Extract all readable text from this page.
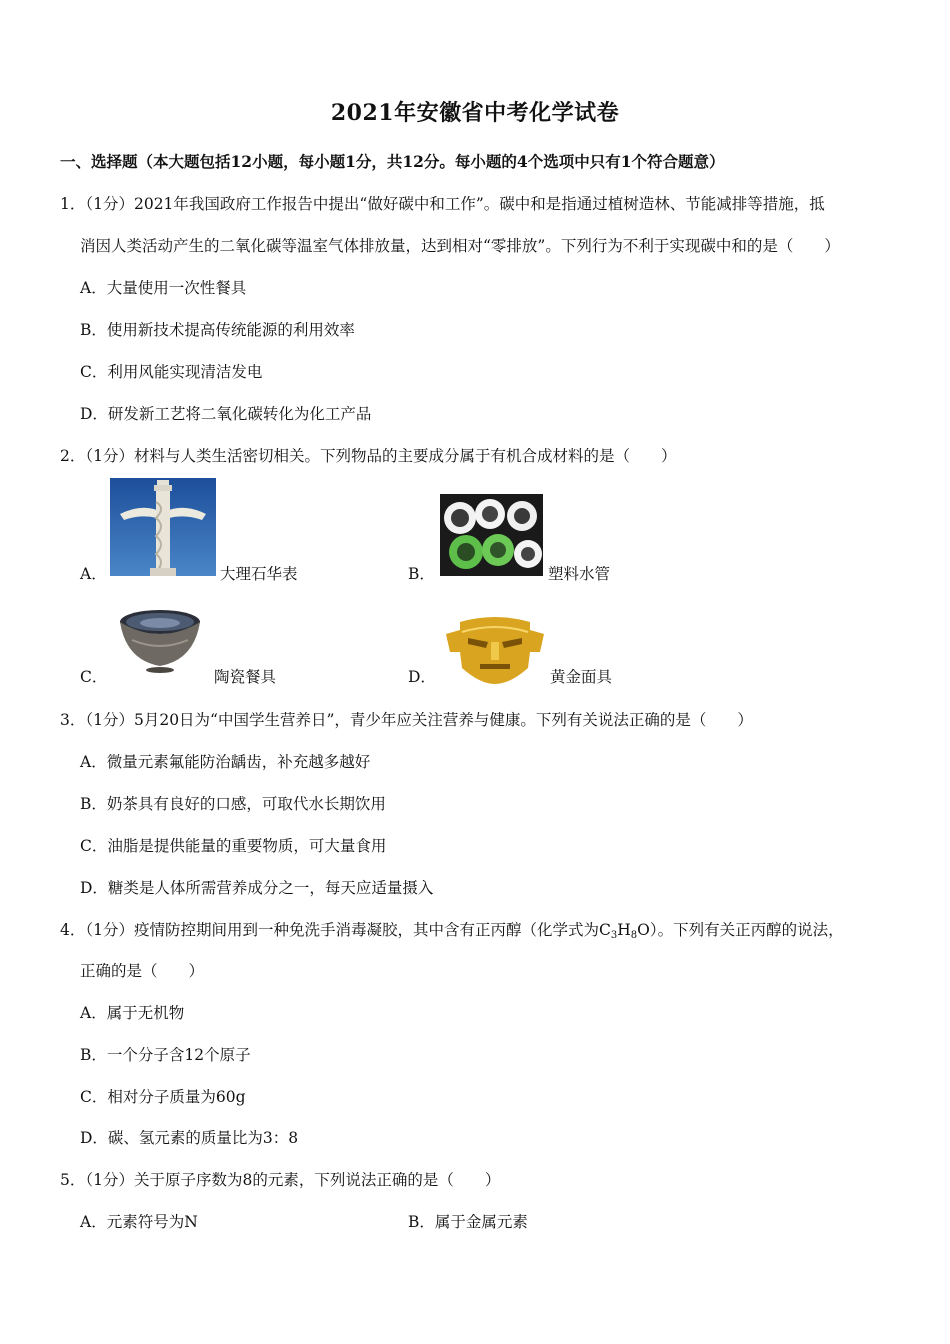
2021年安徽省中考化学试卷
一、选择题（本大题包括12小题，每小题1分，共12分。每小题的4个选项中只有1个符合题意）
1．（1分）2021年我国政府工作报告中提出“做好碳中和工作”。碳中和是指通过植树造林、节能减排等措施，抵
消因人类活动产生的二氧化碳等温室气体排放量，达到相对“零排放”。下列行为不利于实现碳中和的是（　　）
A．大量使用一次性餐具
B．使用新技术提高传统能源的利用效率
C．利用风能实现清洁发电
D．研发新工艺将二氧化碳转化为化工产品
2．（1分）材料与人类生活密切相关。下列物品的主要成分属于有机合成材料的是（　　）
A．	大理石华表	B．	塑料水管
C．	陶瓷餐具	D．	黄金面具
3．（1分）5月20日为“中国学生营养日”，青少年应关注营养与健康。下列有关说法正确的是（　　）
A．微量元素氟能防治龋齿，补充越多越好
B．奶茶具有良好的口感，可取代水长期饮用
C．油脂是提供能量的重要物质，可大量食用
D．糖类是人体所需营养成分之一，每天应适量摄入
4．（1分）疫情防控期间用到一种免洗手消毒凝胶，其中含有正丙醇（化学式为$C_3H_8O$）。下列有关正丙醇的说法，
正确的是（　　）
A．属于无机物
B．一个分子含12个原子
C．相对分子质量为60g
D．碳、氢元素的质量比为3：8
5．（1分）关于原子序数为8的元素，下列说法正确的是（　　）
A．元素符号为N	B．属于金属元素
